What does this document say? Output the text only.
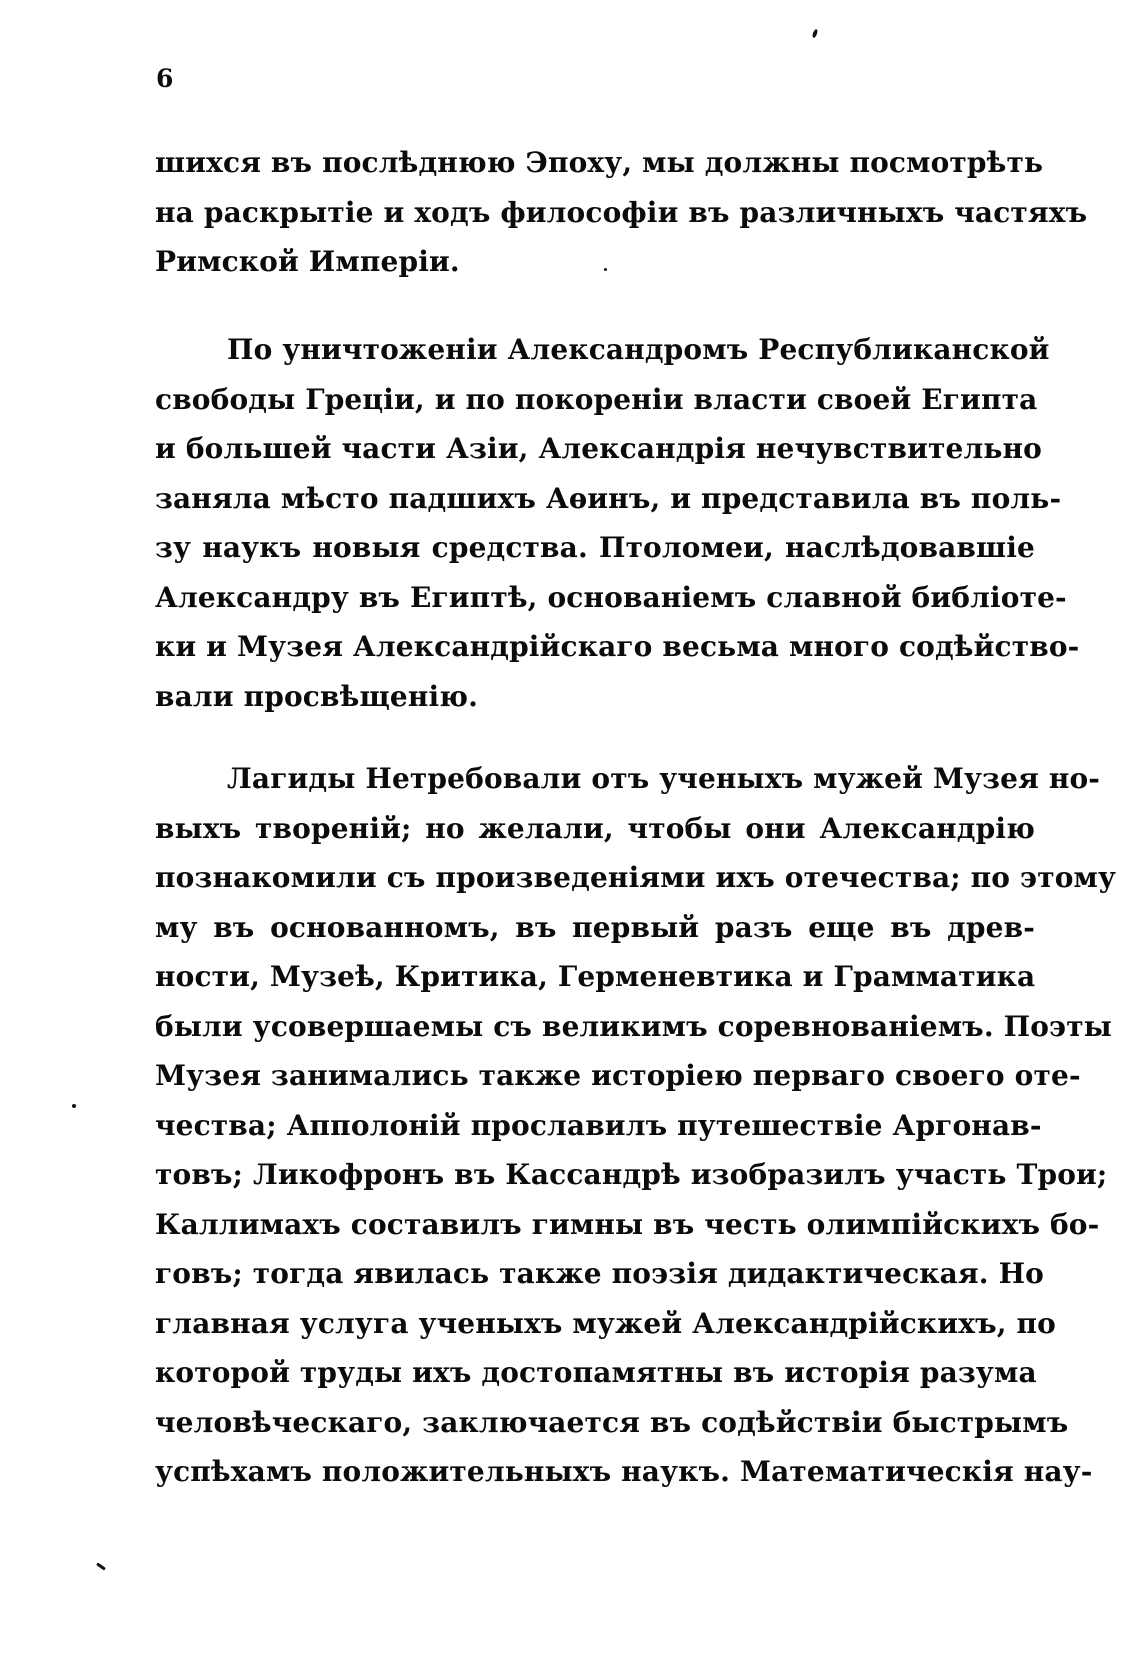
6
шихся въ послѣднюю Эпоху, мы должны посмотрѣть
на раскрытіе и ходъ философіи въ различныхъ частяхъ
Римской Имперіи.
По уничтоженіи Александромъ Республиканской
свободы Греціи, и по покореніи власти своей Египта
и большей части Азіи, Александрія нечувствительно
заняла мѣсто падшихъ Аѳинъ, и представила въ поль-
зу наукъ новыя средства. Птоломеи, наслѣдовавшіе
Александру въ Египтѣ, основаніемъ славной библіоте-
ки и Музея Александрійскаго весьма много содѣйство-
вали просвѣщенію.
Лагиды Нетребовали отъ ученыхъ мужей Музея но-
выхъ твореній; но желали, чтобы они Александрію
познакомили съ произведеніями ихъ отечества; по этому
му въ основанномъ, въ первый разъ еще въ древ-
ности, Музеѣ, Критика, Герменевтика и Грамматика
были усовершаемы съ великимъ соревнованіемъ. Поэты
Музея занимались также исторіею перваго своего оте-
чества; Апполоній прославилъ путешествіе Аргонав-
товъ; Ликофронъ въ Кассандрѣ изобразилъ участь Трои;
Каллимахъ составилъ гимны въ честь олимпійскихъ бо-
говъ; тогда явилась также поэзія дидактическая. Но
главная услуга ученыхъ мужей Александрійскихъ, по
которой труды ихъ достопамятны въ исторія разума
человѣческаго, заключается въ содѣйствіи быстрымъ
успѣхамъ положительныхъ наукъ. Математическія нау-
